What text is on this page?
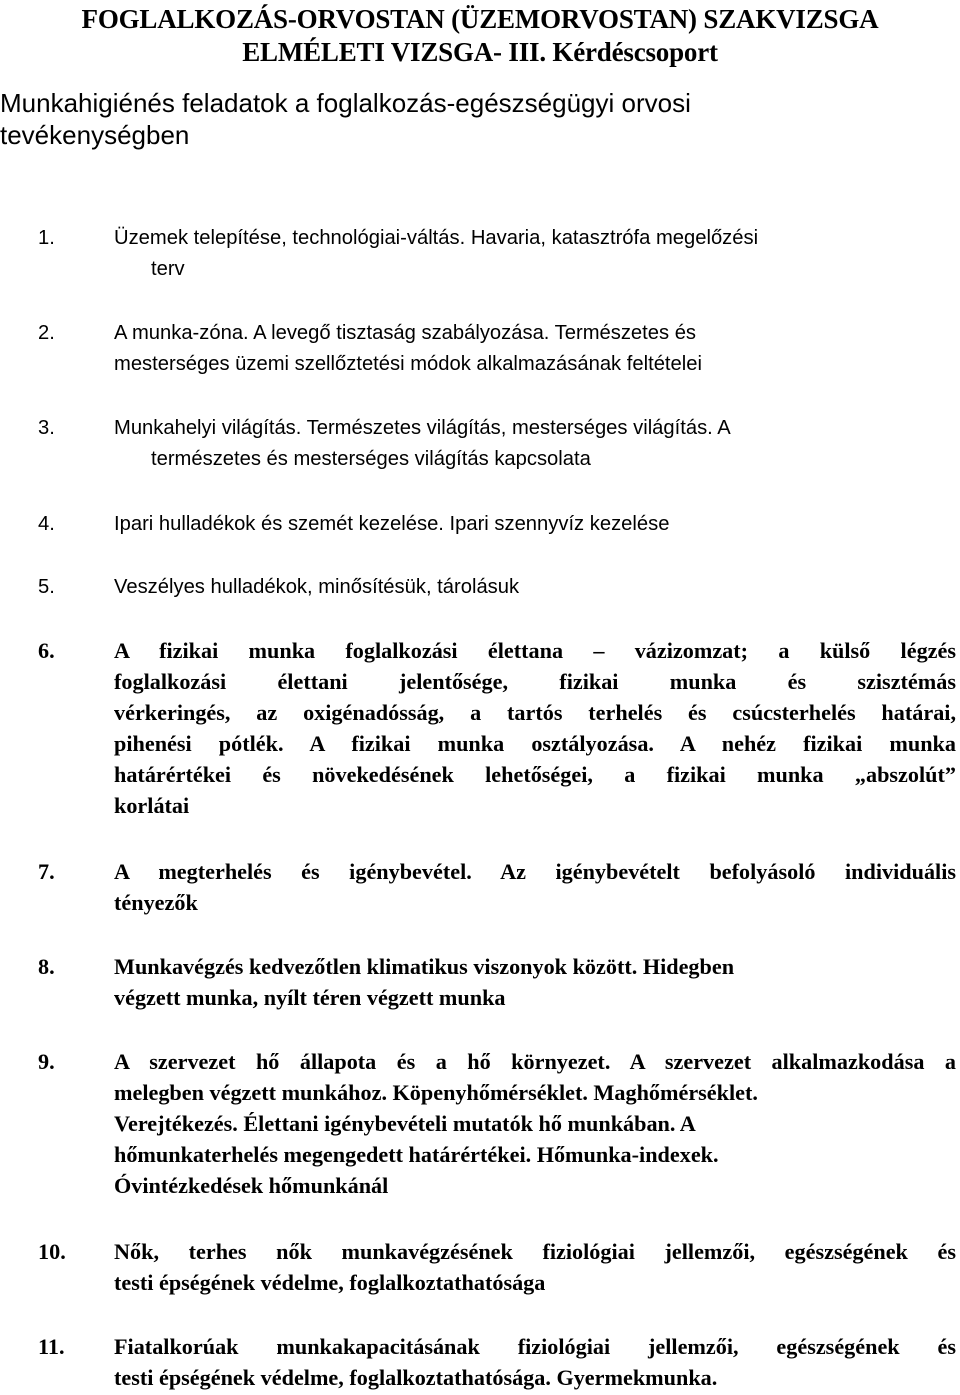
FOGLALKOZÁS-ORVOSTAN (ÜZEMORVOSTAN) SZAKVIZSGA
ELMÉLETI VIZSGA- III. Kérdéscsoport
Munkahigiénés feladatok a foglalkozás-egészségügyi orvosi
tevékenységben
1.	Üzemek telepítése, technológiai-váltás. Havaria, katasztrófa megelőzési
terv
2.	A munka-zóna. A levegő tisztaság szabályozása. Természetes és
mesterséges üzemi szellőztetési módok alkalmazásának feltételei
3.	Munkahelyi világítás. Természetes világítás, mesterséges világítás. A
természetes és mesterséges világítás kapcsolata
4.	Ipari hulladékok és szemét kezelése. Ipari szennyvíz kezelése
5.	Veszélyes hulladékok, minősítésük, tárolásuk
6.	A fizikai munka foglalkozási élettana – vázizomzat; a külső légzés
foglalkozási élettani jelentősége, fizikai munka és szisztémás
vérkeringés, az oxigénadósság, a tartós terhelés és csúcsterhelés határai,
pihenési pótlék. A fizikai munka osztályozása. A nehéz fizikai munka
határértékei és növekedésének lehetőségei, a fizikai munka „abszolút”
korlátai
7.	A megterhelés és igénybevétel. Az igénybevételt befolyásoló individuális
tényezők
8.	Munkavégzés kedvezőtlen klimatikus viszonyok között. Hidegben
végzett munka, nyílt téren végzett munka
9.	A szervezet hő állapota és a hő környezet. A szervezet alkalmazkodása a
melegben végzett munkához. Köpenyhőmérséklet. Maghőmérséklet.
Verejtékezés. Élettani igénybevételi mutatók hő munkában. A
hőmunkaterhelés megengedett határértékei. Hőmunka-indexek.
Óvintézkedések hőmunkánál
10. Nők, terhes nők munkavégzésének fiziológiai jellemzői, egészségének és
testi épségének védelme, foglalkoztathatósága
11. Fiatalkorúak munkakapacitásának fiziológiai jellemzői, egészségének és
testi épségének védelme, foglalkoztathatósága. Gyermekmunka.
